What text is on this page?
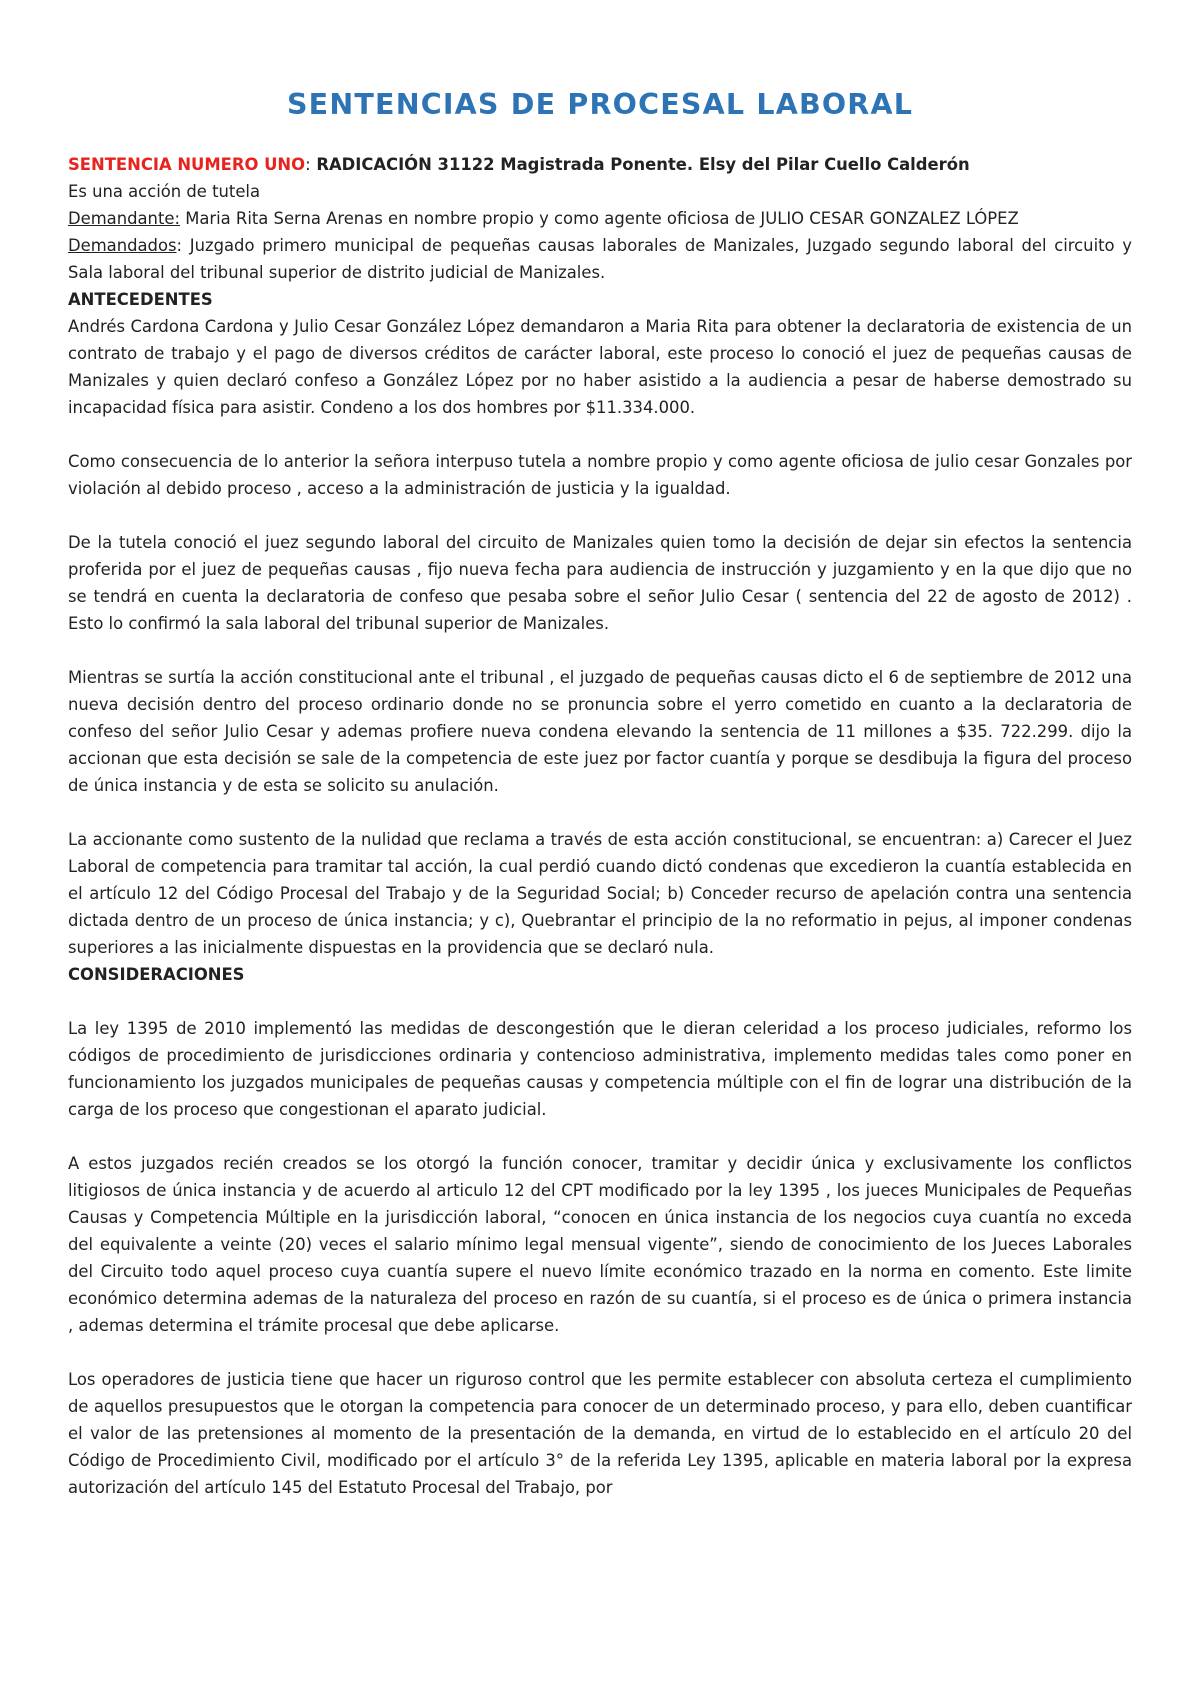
SENTENCIAS DE PROCESAL LABORAL

SENTENCIA NUMERO UNO: RADICACIÓN 31122 Magistrada Ponente. Elsy del Pilar Cuello Calderón

Es una acción de tutela

Demandante: Maria Rita Serna Arenas en nombre propio y como agente oficiosa de JULIO CESAR GONZALEZ LÓPEZ

Demandados: Juzgado primero municipal de pequeñas causas laborales de Manizales, Juzgado segundo laboral del circuito y Sala laboral del tribunal superior de distrito judicial de Manizales.

ANTECEDENTES

Andrés Cardona Cardona y Julio Cesar González López demandaron a Maria Rita para obtener la declaratoria de existencia de un contrato de trabajo y el pago de diversos créditos de carácter laboral, este proceso lo conoció el juez de pequeñas causas de Manizales y quien declaró confeso a González López por no haber asistido a la audiencia a pesar de haberse demostrado su incapacidad física para asistir. Condeno a los dos hombres por $11.334.000.

Como consecuencia de lo anterior la señora interpuso tutela a nombre propio y como agente oficiosa de julio cesar Gonzales por violación al debido proceso , acceso a la administración de justicia y la igualdad.

De la tutela conoció el juez segundo laboral del circuito de Manizales quien tomo la decisión de dejar sin efectos la sentencia proferida por el juez de pequeñas causas , fijo nueva fecha para audiencia de instrucción y juzgamiento y en la que dijo que no se tendrá en cuenta la declaratoria de confeso que pesaba sobre el señor Julio Cesar ( sentencia del 22 de agosto de 2012) . Esto lo confirmó la sala laboral del tribunal superior de Manizales.

Mientras se surtía la acción constitucional ante el tribunal , el juzgado de pequeñas causas dicto el 6 de septiembre de 2012 una nueva decisión dentro del proceso ordinario donde no se pronuncia sobre el yerro cometido en cuanto a la declaratoria de confeso del señor Julio Cesar y ademas profiere nueva condena elevando la sentencia de 11 millones a $35. 722.299. dijo la accionan que esta decisión se sale de la competencia de este juez por factor cuantía y porque se desdibuja la figura del proceso de única instancia y de esta se solicito su anulación.

La accionante como sustento de la nulidad que reclama a través de esta acción constitucional, se encuentran: a) Carecer el Juez Laboral de competencia para tramitar tal acción, la cual perdió cuando dictó condenas que excedieron la cuantía establecida en el artículo 12 del Código Procesal del Trabajo y de la Seguridad Social; b) Conceder recurso de apelación contra una sentencia dictada dentro de un proceso de única instancia; y c), Quebrantar el principio de la no reformatio in pejus, al imponer condenas superiores a las inicialmente dispuestas en la providencia que se declaró nula.

CONSIDERACIONES

La ley 1395 de 2010 implementó las medidas de descongestión que le dieran celeridad a los proceso judiciales, reformo los códigos de procedimiento de jurisdicciones ordinaria y contencioso administrativa, implemento medidas tales como poner en funcionamiento los juzgados municipales de pequeñas causas y competencia múltiple con el fin de lograr una distribución de la carga de los proceso que congestionan el aparato judicial.

A estos juzgados recién creados se los otorgó la función conocer, tramitar y decidir única y exclusivamente los conflictos litigiosos de única instancia y de acuerdo al articulo 12 del CPT modificado por la ley 1395 , los jueces Municipales de Pequeñas Causas y Competencia Múltiple en la jurisdicción laboral, “conocen en única instancia de los negocios cuya cuantía no exceda del equivalente a veinte (20) veces el salario mínimo legal mensual vigente”, siendo de conocimiento de los Jueces Laborales del Circuito todo aquel proceso cuya cuantía supere el nuevo límite económico trazado en la norma en comento. Este limite económico determina ademas de la naturaleza del proceso en razón de su cuantía, si el proceso es de única o primera instancia , ademas determina el trámite procesal que debe aplicarse.

Los operadores de justicia tiene que hacer un riguroso control que les permite establecer con absoluta certeza el cumplimiento de aquellos presupuestos que le otorgan la competencia para conocer de un determinado proceso, y para ello, deben cuantificar el valor de las pretensiones al momento de la presentación de la demanda, en virtud de lo establecido en el artículo 20 del Código de Procedimiento Civil, modificado por el artículo 3° de la referida Ley 1395, aplicable en materia laboral por la expresa autorización del artículo 145 del Estatuto Procesal del Trabajo, por
